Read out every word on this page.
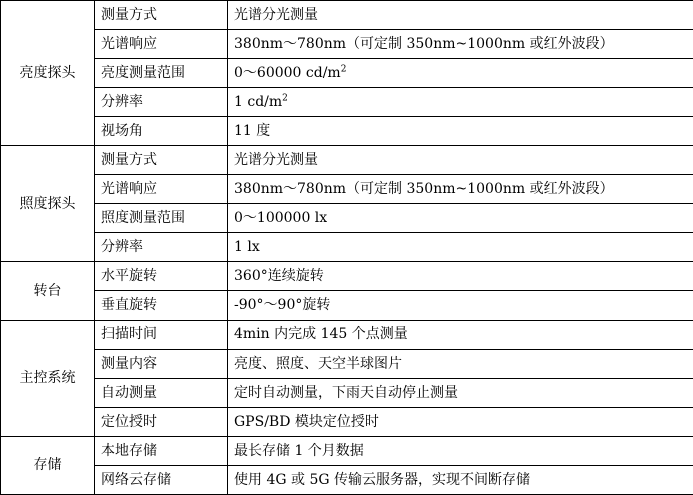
亮度探头	测量方式	光谱分光测量
	光谱响应	380nm～780nm（可定制 350nm~1000nm 或红外波段）
	亮度测量范围	0～60000 $cd/m^2$
	分辨率	1 $cd/m^2$
	视场角	11 度
照度探头	测量方式	光谱分光测量
	光谱响应	380nm～780nm（可定制 350nm~1000nm 或红外波段）
	照度测量范围	0～100000 lx
	分辨率	1 lx
转台	水平旋转	360°连续旋转
	垂直旋转	-90°～90°旋转
主控系统	扫描时间	4min 内完成 145 个点测量
	测量内容	亮度、照度、天空半球图片
	自动测量	定时自动测量，下雨天自动停止测量
	定位授时	GPS/BD 模块定位授时
存储	本地存储	最长存储 1 个月数据
	网络云存储	使用 4G 或 5G 传输云服务器，实现不间断存储
